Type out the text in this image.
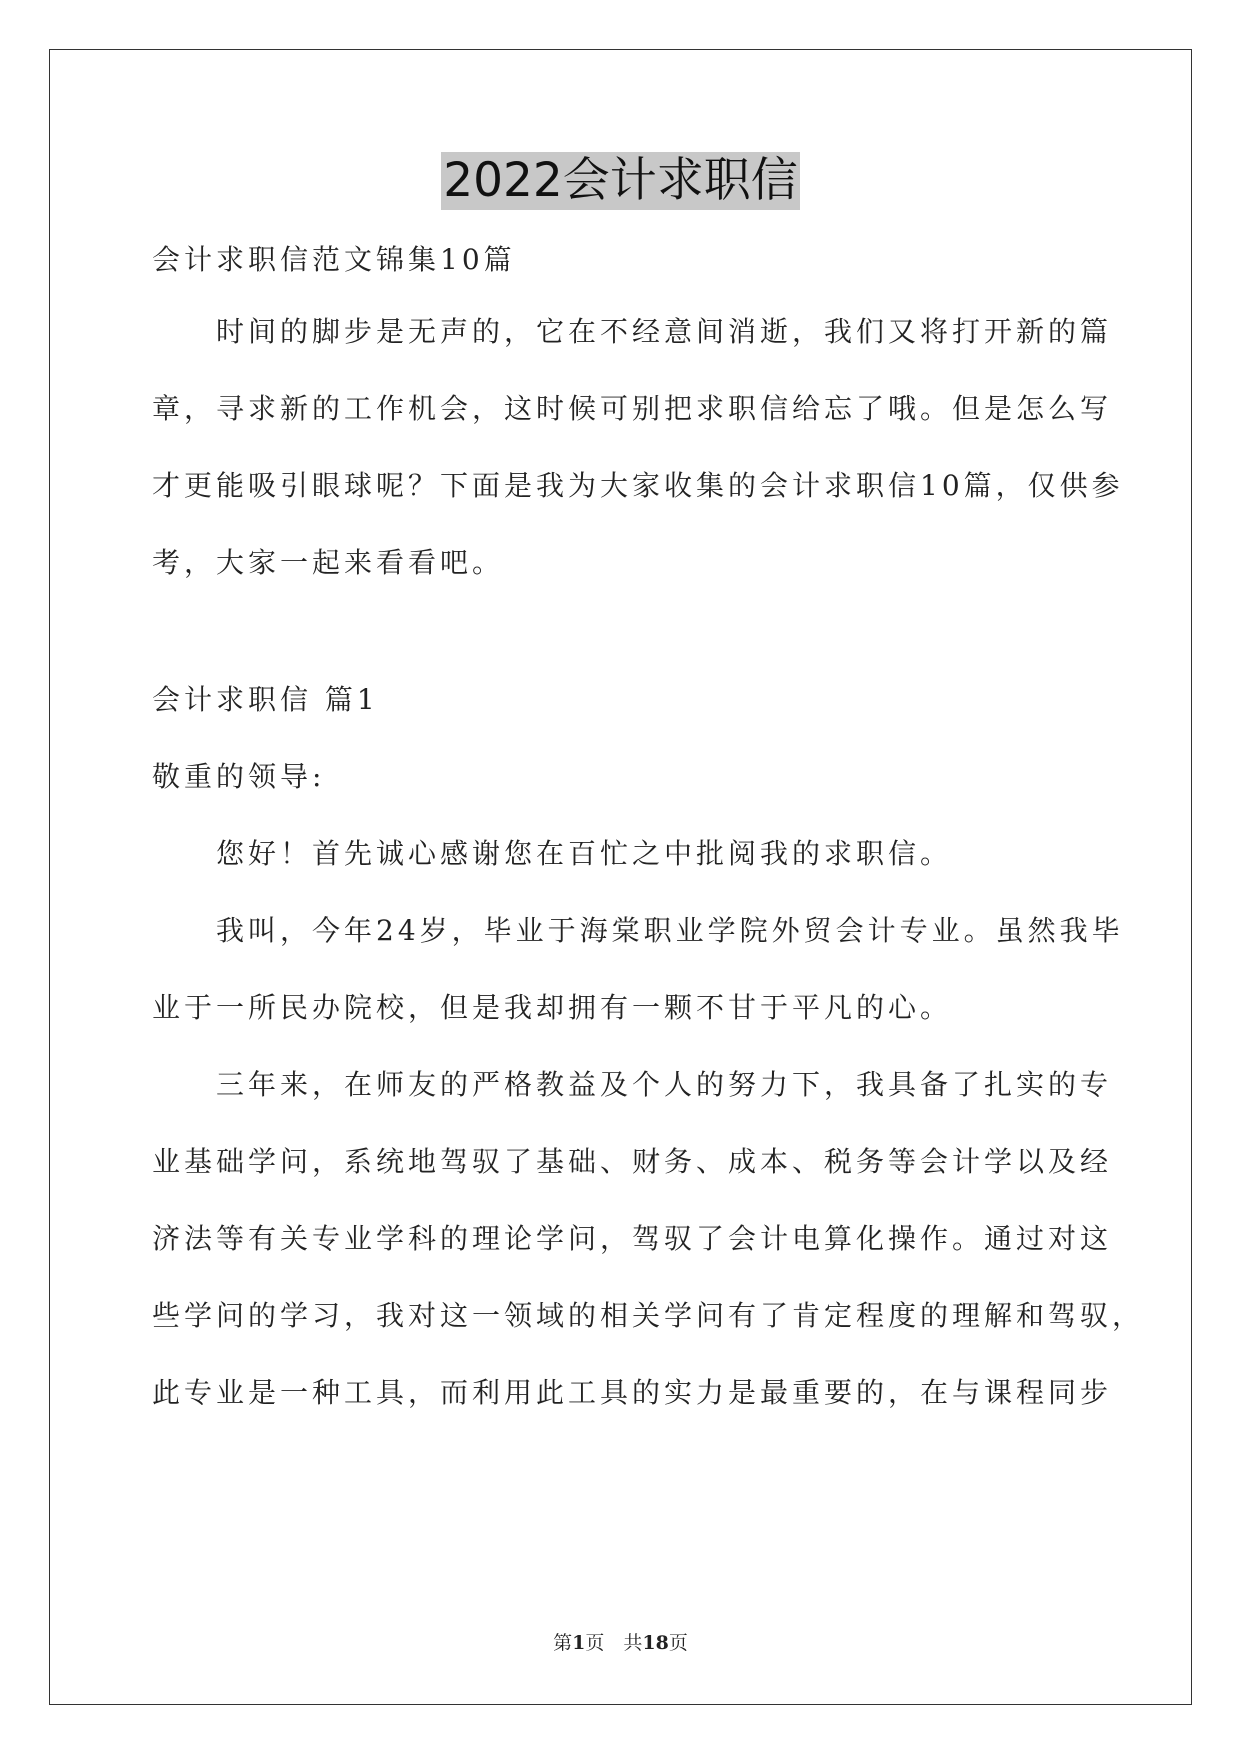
2022会计求职信
会计求职信范文锦集10篇
时间的脚步是无声的，它在不经意间消逝，我们又将打开新的篇
章，寻求新的工作机会，这时候可别把求职信给忘了哦。但是怎么写
才更能吸引眼球呢？下面是我为大家收集的会计求职信10篇，仅供参
考，大家一起来看看吧。
会计求职信 篇1
敬重的领导:
您好！首先诚心感谢您在百忙之中批阅我的求职信。
我叫，今年24岁，毕业于海棠职业学院外贸会计专业。虽然我毕
业于一所民办院校，但是我却拥有一颗不甘于平凡的心。
三年来，在师友的严格教益及个人的努力下，我具备了扎实的专
业基础学问，系统地驾驭了基础、财务、成本、税务等会计学以及经
济法等有关专业学科的理论学问，驾驭了会计电算化操作。通过对这
些学问的学习，我对这一领域的相关学问有了肯定程度的理解和驾驭，
此专业是一种工具，而利用此工具的实力是最重要的，在与课程同步
第1页　共18页
